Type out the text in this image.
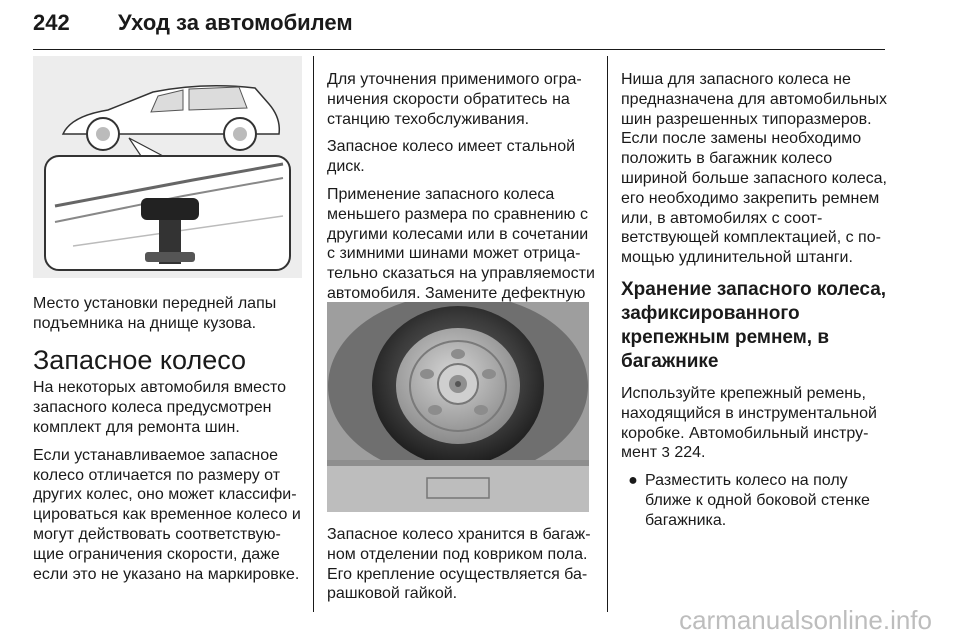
242 Уход за автомобилем
Место установки передней лапы подъемника на днище кузова.
Запасное колесо

На некоторых автомобиля вместо запасного колеса предусмотрен комплект для ремонта шин.

Если устанавливаемое запасное колесо отличается по размеру от других колес, оно может классифицироваться как временное колесо и могут действовать соответствующие ограничения скорости, даже если это не указано на маркировке.

Для уточнения применимого ограничения скорости обратитесь на станцию техобслуживания.

Запасное колесо имеет стальной диск.

Применение запасного колеса меньшего размера по сравнению с другими колесами или в сочетании с зимними шинами может отрицательно сказаться на управляемости автомобиля. Замените дефектную

Запасное колесо хранится в багажном отделении под ковриком пола. Его крепление осуществляется барашковой гайкой.

Ниша для запасного колеса не предназначена для автомобильных шин разрешенных типоразмеров. Если после замены необходимо положить в багажник колесо шириной больше запасного колеса, его необходимо закрепить ремнем или, в автомобилях с соответствующей комплектацией, с помощью удлинительной штанги.

Хранение запасного колеса, зафиксированного крепежным ремнем, в багажнике

Используйте крепежный ремень, находящийся в инструментальной коробке. Автомобильный инструмент 3 224.

● Разместить колесо на полу ближе к одной боковой стенке багажника.
carmanualsonline.info
